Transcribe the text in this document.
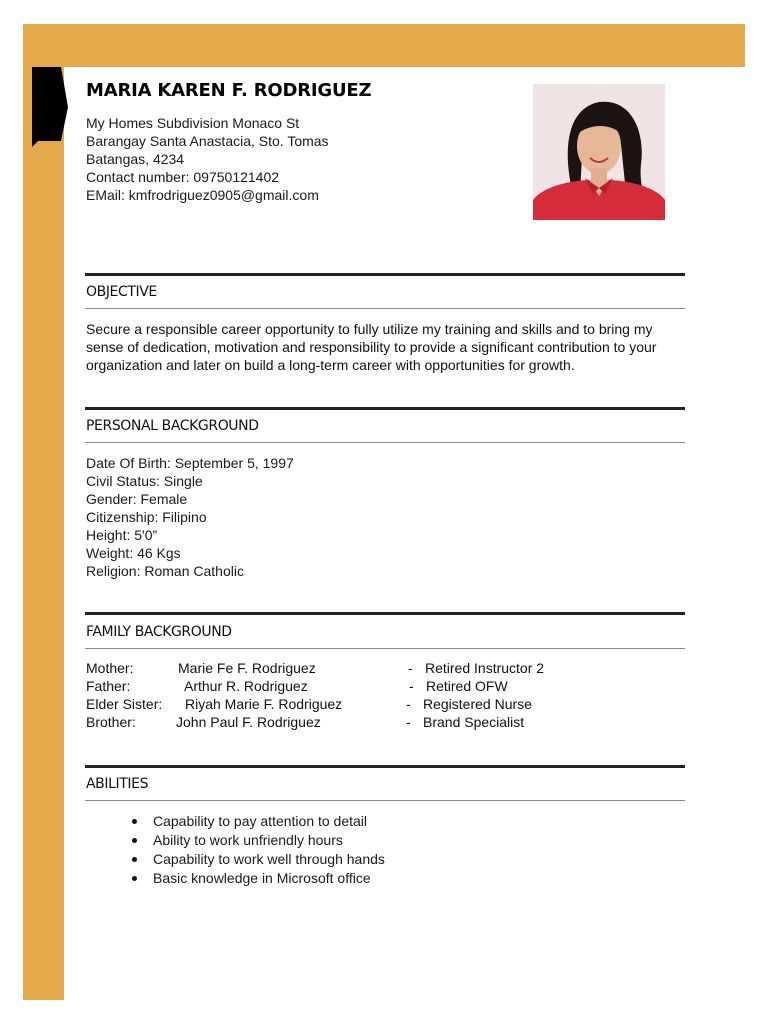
MARIA KAREN F. RODRIGUEZ
My Homes Subdivision Monaco St
Barangay Santa Anastacia, Sto. Tomas
Batangas, 4234
Contact number: 09750121402
EMail: kmfrodriguez0905@gmail.com
OBJECTIVE
Secure a responsible career opportunity to fully utilize my training and skills and to bring my sense of dedication, motivation and responsibility to provide a significant contribution to your organization and later on build a long-term career with opportunities for growth.
PERSONAL BACKGROUND
Date Of Birth: September 5, 1997
Civil Status: Single
Gender: Female
Citizenship: Filipino
Height: 5'0”
Weight: 46 Kgs
Religion: Roman Catholic
FAMILY BACKGROUND
Mother:	Marie Fe F. Rodriguez	- Retired Instructor 2
Father:	Arthur R. Rodriguez	- Retired OFW
Elder Sister: Riyah Marie F. Rodriguez	- Registered Nurse
Brother:	John Paul F. Rodriguez	- Brand Specialist
ABILITIES
Capability to pay attention to detail
Ability to work unfriendly hours
Capability to work well through hands
Basic knowledge in Microsoft office
